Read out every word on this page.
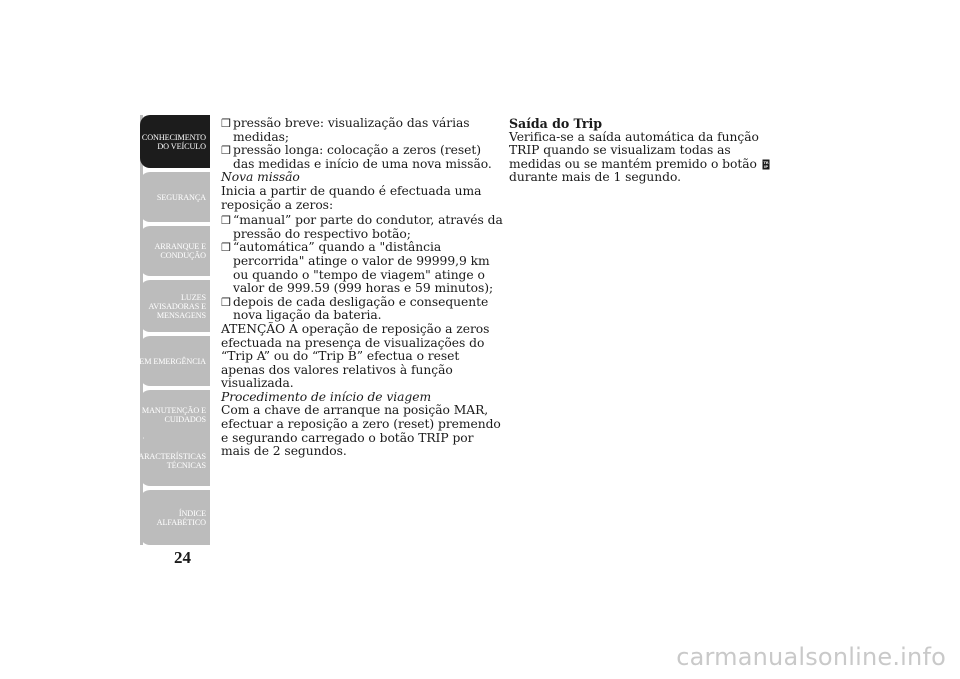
CONHECIMENTO
DO VEÍCULO
SEGURANÇA
ARRANQUE E
CONDUÇÃO
LUZES
AVISADORAS E
MENSAGENS
EM EMERGÊNCIA
MANUTENÇÃO E
CUIDADOS
CARACTERÍSTICAS
TÉCNICAS
ÍNDICE
ALFABÉTICO
24

❒ pressão breve: visualização das várias medidas;

❒ pressão longa: colocação a zeros (reset) das medidas e início de uma nova missão.

Nova missão

Inicia a partir de quando é efectuada uma reposição a zeros:

❒ “manual” por parte do condutor, através da pressão do respectivo botão;

❒ “automática” quando a "distância percorrida" atinge o valor de 99999,9 km ou quando o "tempo de viagem" atinge o valor de 999.59 (999 horas e 59 minutos);

❒ depois de cada desligação e consequente nova ligação da bateria.

ATENÇÃO A operação de reposição a zeros efectuada na presença de visualizações do “Trip A” ou do “Trip B” efectua o reset apenas dos valores relativos à função visualizada.

Procedimento de início de viagem

Com a chave de arranque na posição MAR, efectuar a reposição a zero (reset) premendo e segurando carregado o botão TRIP por mais de 2 segundos.

Saída do Trip

Verifica-se a saída automática da função TRIP quando se visualizam todas as medidas ou se mantém premido o botão TR
IP
durante mais de 1 segundo.

carmanualsonline.info
